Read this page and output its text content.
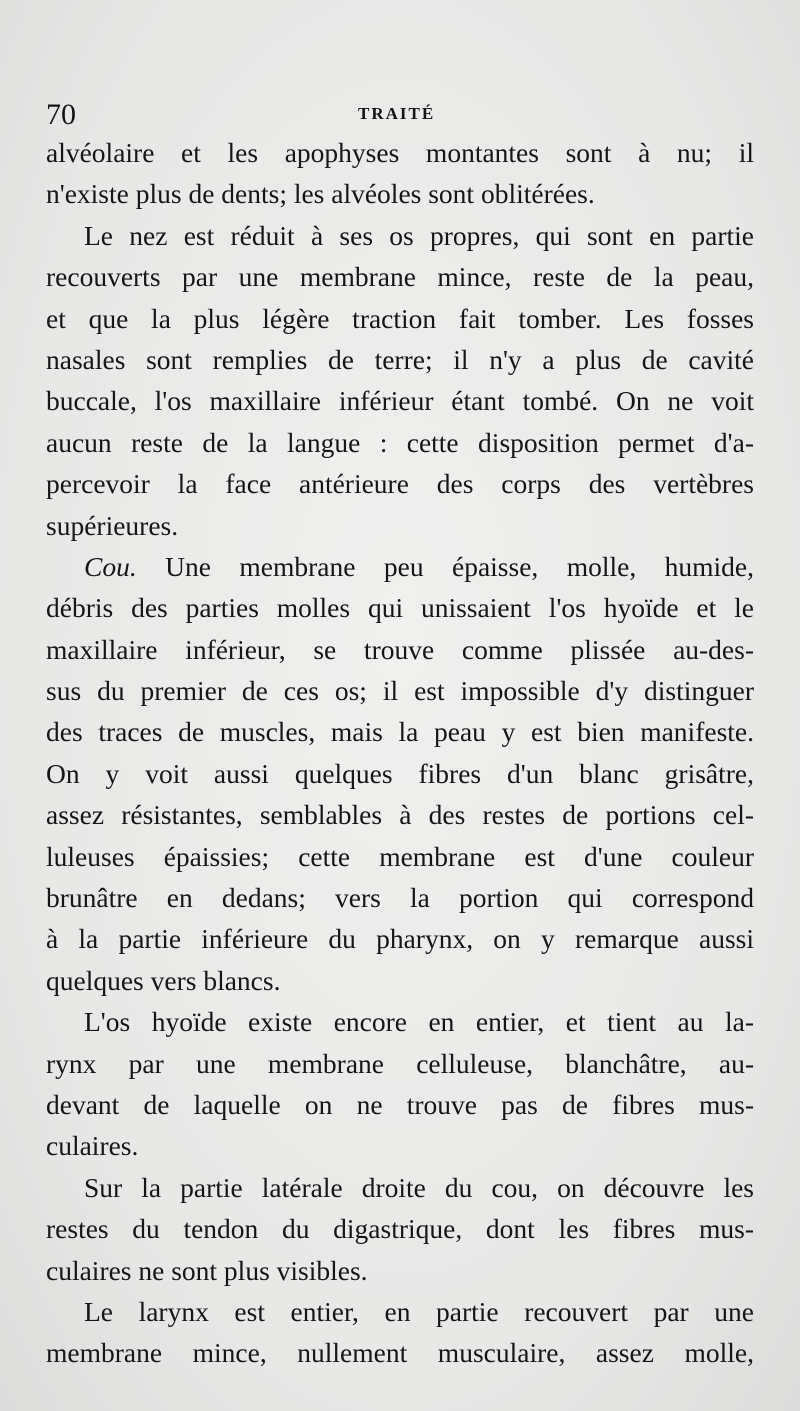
70	TRAITÉ
alvéolaire et les apophyses montantes sont à nu; il
n'existe plus de dents; les alvéoles sont oblitérées.
Le nez est réduit à ses os propres, qui sont en partie
recouverts par une membrane mince, reste de la peau,
et que la plus légère traction fait tomber. Les fosses
nasales sont remplies de terre; il n'y a plus de cavité
buccale, l'os maxillaire inférieur étant tombé. On ne voit
aucun reste de la langue : cette disposition permet d'a-
percevoir la face antérieure des corps des vertèbres
supérieures.
Cou. Une membrane peu épaisse, molle, humide,
débris des parties molles qui unissaient l'os hyoïde et le
maxillaire inférieur, se trouve comme plissée au-des-
sus du premier de ces os; il est impossible d'y distinguer
des traces de muscles, mais la peau y est bien manifeste.
On y voit aussi quelques fibres d'un blanc grisâtre,
assez résistantes, semblables à des restes de portions cel-
luleuses épaissies; cette membrane est d'une couleur
brunâtre en dedans; vers la portion qui correspond
à la partie inférieure du pharynx, on y remarque aussi
quelques vers blancs.
L'os hyoïde existe encore en entier, et tient au la-
rynx par une membrane celluleuse, blanchâtre, au-
devant de laquelle on ne trouve pas de fibres mus-
culaires.
Sur la partie latérale droite du cou, on découvre les
restes du tendon du digastrique, dont les fibres mus-
culaires ne sont plus visibles.
Le larynx est entier, en partie recouvert par une
membrane mince, nullement musculaire, assez molle,
